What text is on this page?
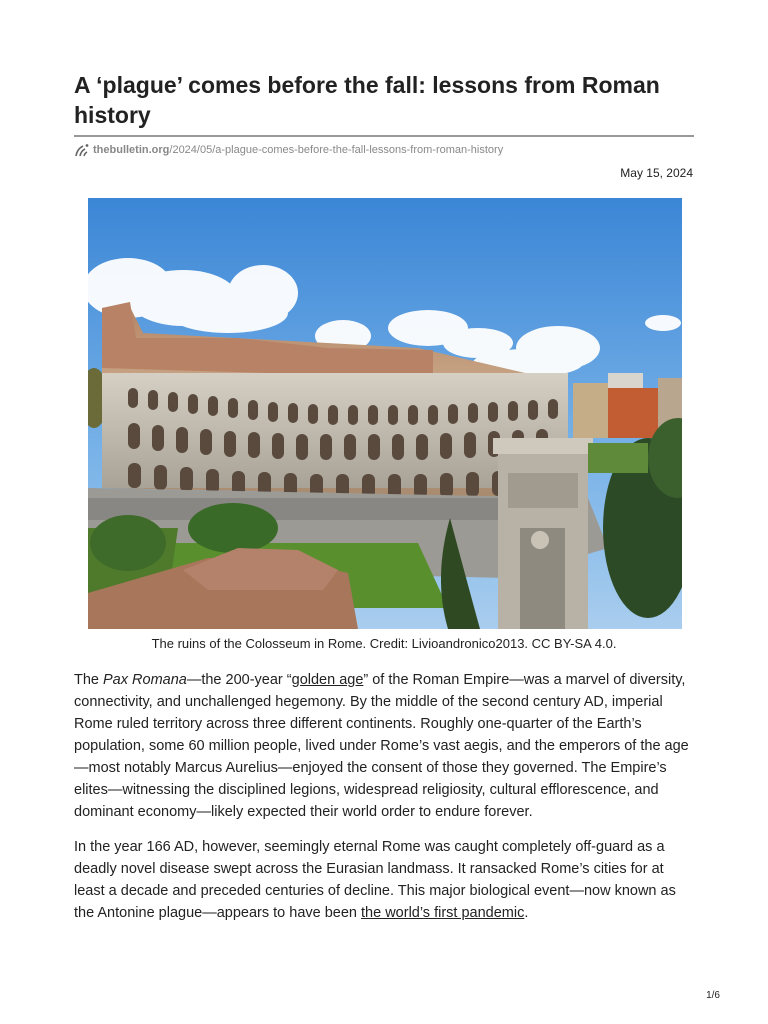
A ‘plague’ comes before the fall: lessons from Roman history
thebulletin.org /2024/05/a-plague-comes-before-the-fall-lessons-from-roman-history
May 15, 2024
The ruins of the Colosseum in Rome. Credit: Livioandronico2013. CC BY-SA 4.0.

The Pax Romana—the 200-year “golden age” of the Roman Empire—was a marvel of diversity, connectivity, and unchallenged hegemony. By the middle of the second century AD, imperial Rome ruled territory across three different continents. Roughly one-quarter of the Earth’s population, some 60 million people, lived under Rome’s vast aegis, and the emperors of the age—most notably Marcus Aurelius—enjoyed the consent of those they governed. The Empire’s elites—witnessing the disciplined legions, widespread religiosity, cultural efflorescence, and dominant economy—likely expected their world order to endure forever.

In the year 166 AD, however, seemingly eternal Rome was caught completely off-guard as a deadly novel disease swept across the Eurasian landmass. It ransacked Rome’s cities for at least a decade and preceded centuries of decline. This major biological event—now known as the Antonine plague—appears to have been the world’s first pandemic.

1/6
